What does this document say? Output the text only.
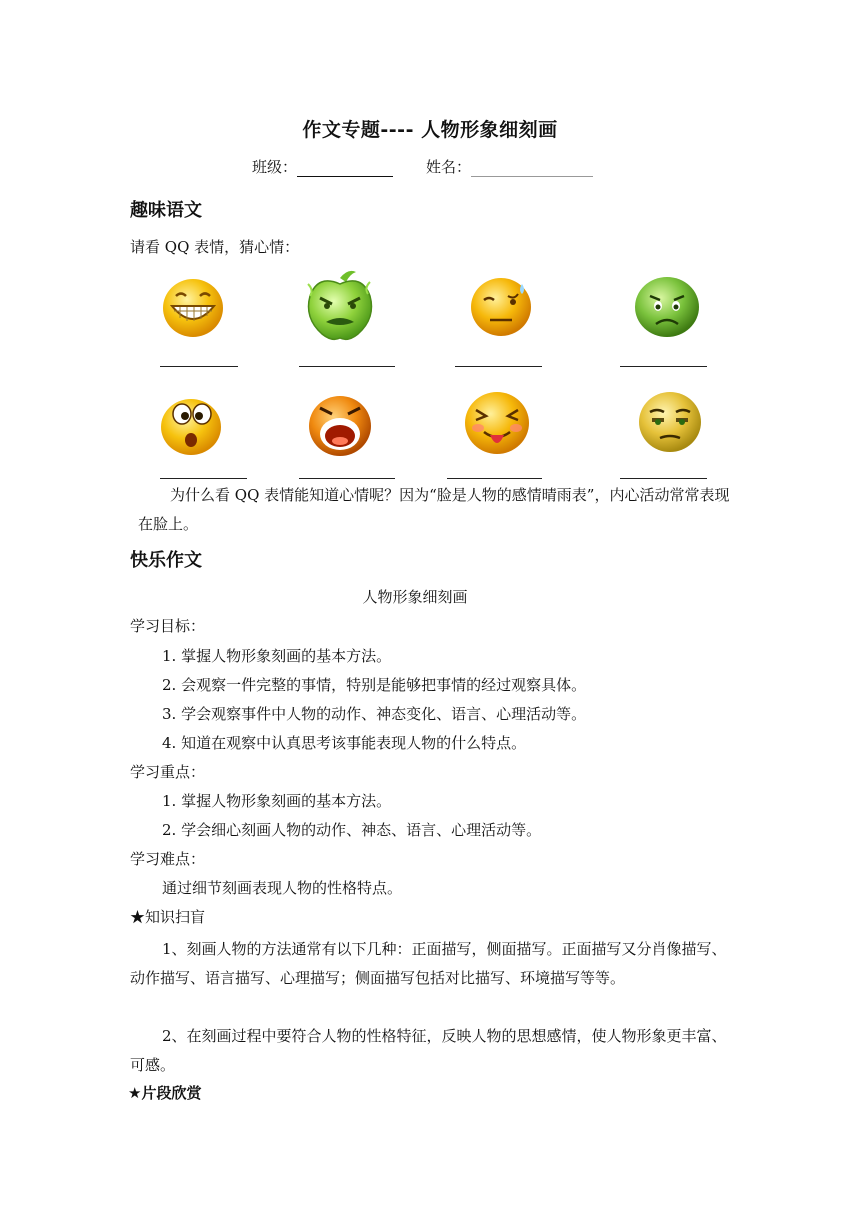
作文专题---- 人物形象细刻画
班级：	姓名：
趣味语文
请看 QQ 表情，猜心情：
为什么看 QQ 表情能知道心情呢？因为“脸是人物的感情晴雨表”，内心活动常常表现在脸上。
快乐作文
人物形象细刻画
学习目标：
1. 掌握人物形象刻画的基本方法。
2. 会观察一件完整的事情，特别是能够把事情的经过观察具体。
3. 学会观察事件中人物的动作、神态变化、语言、心理活动等。
4. 知道在观察中认真思考该事能表现人物的什么特点。
学习重点：
1. 掌握人物形象刻画的基本方法。
2. 学会细心刻画人物的动作、神态、语言、心理活动等。
学习难点：
通过细节刻画表现人物的性格特点。
★知识扫盲
1、刻画人物的方法通常有以下几种：正面描写，侧面描写。正面描写又分肖像描写、动作描写、语言描写、心理描写；侧面描写包括对比描写、环境描写等等。
2、在刻画过程中要符合人物的性格特征，反映人物的思想感情，使人物形象更丰富、可感。
★片段欣赏
